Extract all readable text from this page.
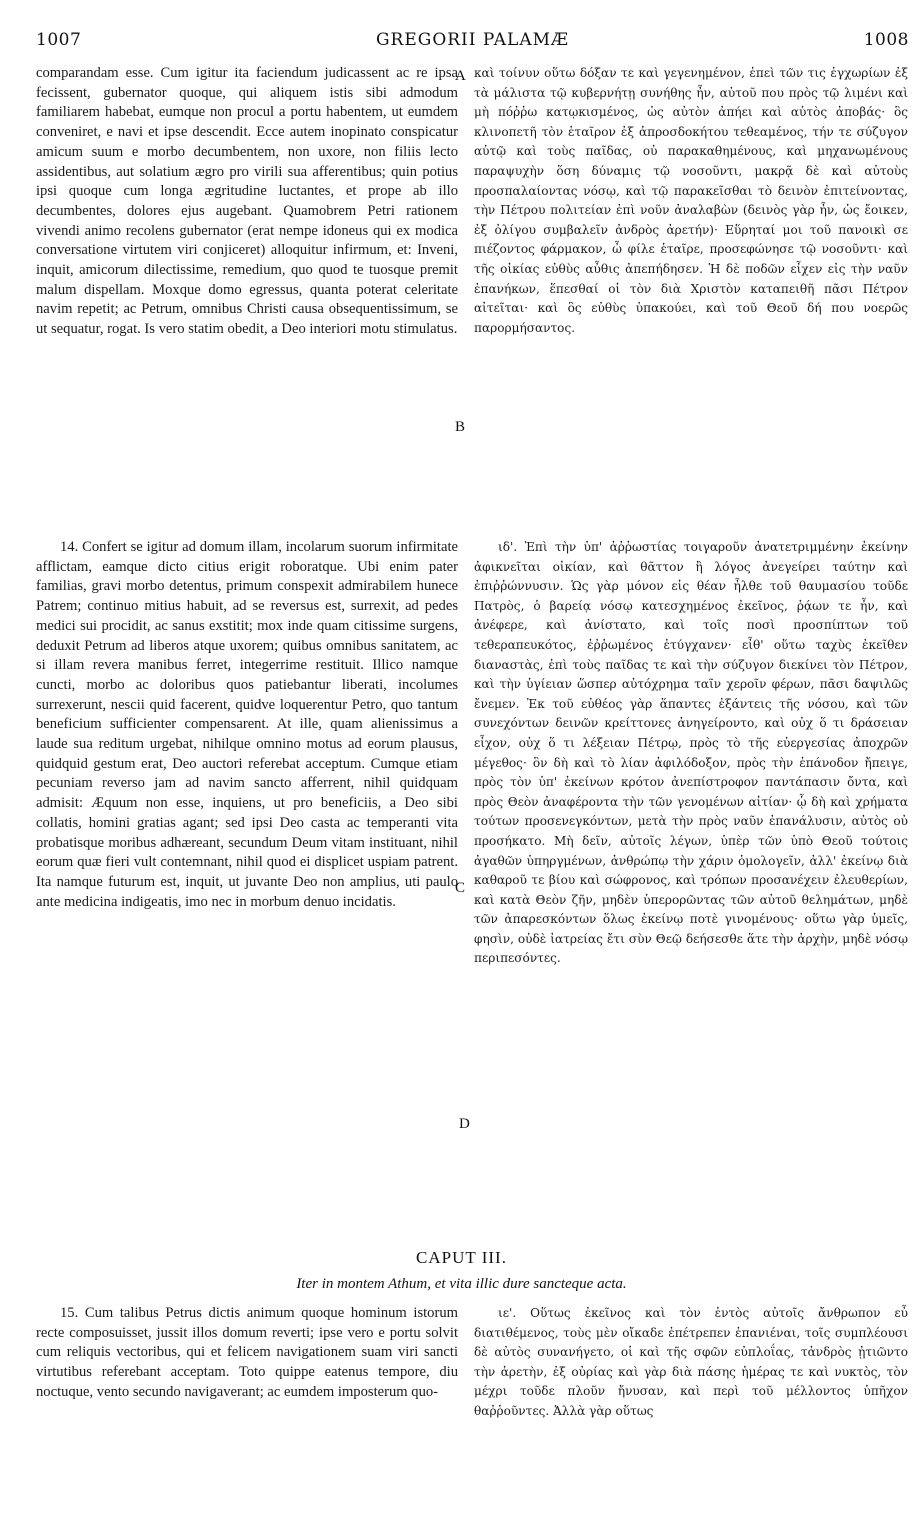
1007	GREGORII PALAMÆ	1008

comparandam esse. Cum igitur ita faciendum judicassent ac re ipsa fecissent, gubernator quoque, qui aliquem istis sibi admodum familiarem habebat, eumque non procul a portu habentem, ut eumdem conveniret, e navi et ipse descendit. Ecce autem inopinato conspicatur amicum suum e morbo decumbentem, non uxore, non filiis lecto assidentibus, aut solatium ægro pro virili sua afferentibus; quin potius ipsi quoque cum longa ægritudine luctantes, et prope ab illo decumbentes, dolores ejus augebant. Quamobrem Petri rationem vivendi animo recolens gubernator (erat nempe idoneus qui ex modica conversatione virtutem viri conjiceret) alloquitur infirmum, et: Inveni, inquit, amicorum dilectissime, remedium, quo quod te tuosque premit malum dispellam. Moxque domo egressus, quanta poterat celeritate navim repetit; ac Petrum, omnibus Christi causa obsequentissimum, se ut sequatur, rogat. Is vero statim obedit, a Deo interiori motu stimulatus.

A καὶ τοίνυν οὕτω δόξαν τε καὶ γεγενημένον, ἐπεὶ τῶν τις ἐγχωρίων ἐξ τὰ μάλιστα τῷ κυβερνήτῃ συνήθης ἦν, αὐτοῦ που πρὸς τῷ λιμένι καὶ μὴ πόῤῥω κατῳκισμένος, ὡς αὐτὸν ἀπήει καὶ αὐτὸς ἀποβάς· ὃς κλινοπετῆ τὸν ἑταῖρον ἐξ ἀπροσδοκήτου τεθεαμένος, τήν τε σύζυγον αὐτῷ καὶ τοὺς παῖδας, οὐ παρακαθημένους, καὶ μηχανωμένους παραψυχὴν ὅση δύναμις τῷ νοσοῦντι, μακρᾷ δὲ καὶ αὐτοὺς προσπαλαίοντας νόσῳ, καὶ τῷ παρακεῖσθαι τὸ δεινὸν ἐπιτείνοντας, τὴν Πέτρου πολιτείαν ἐπὶ νοῦν ἀναλαβὼν (δεινὸς γὰρ ἦν, ὡς ἔοικεν, ἐξ ὀλίγου συμβαλεῖν ἀνδρὸς ἀρετήν)· Εὕρηταί μοι τοῦ πανοικὶ σε πιέζοντος φάρμακον, ὦ φίλε ἑταῖρε, προσεφώνησε τῷ νοσοῦντι· καὶ τῆς οἰκίας εὐθὺς αὖθις ἀπεπήδησεν. Ἡ δὲ ποδῶν εἶχεν εἰς τὴν ναῦν ἐπανήκων, ἕπεσθαί οἱ τὸν διὰ Χριστὸν καταπειθῆ πᾶσι Πέτρον αἰτεῖται· καὶ ὃς εὐθὺς ὑπακούει, καὶ τοῦ Θεοῦ δή που νοερῶς παρορμήσαντος.

B

14. Confert se igitur ad domum illam, incolarum suorum infirmitate afflictam, eamque dicto citius erigit roboratque. Ubi enim pater familias, gravi morbo detentus, primum conspexit admirabilem hunece Patrem; continuo mitius habuit, ad se reversus est, surrexit, ad pedes medici sui procidit, ac sanus exstitit; mox inde quam citissime surgens, deduxit Petrum ad liberos atque uxorem; quibus omnibus sanitatem, ac si illam revera manibus ferret, integerrime restituit. Illico namque cuncti, morbo ac doloribus quos patiebantur liberati, incolumes surrexerunt, nescii quid facerent, quidve loquerentur Petro, quo tantum beneficium sufficienter compensarent. At ille, quam alienissimus a laude sua reditum urgebat, nihilque omnino motus ad eorum plausus, quidquid gestum erat, Deo auctori referebat acceptum. Cumque etiam pecuniam reverso jam ad navim sancto afferrent, nihil quidquam admisit: Æquum non esse, inquiens, ut pro beneficiis, a Deo sibi collatis, homini gratias agant; sed ipsi Deo casta ac temperanti vita probatisque moribus adhæreant, secundum Deum vitam instituant, nihil eorum quæ fieri vult contemnant, nihil quod ei displicet uspiam patrent. Ita namque futurum est, inquit, ut juvante Deo non amplius, uti paulo ante medicina indigeatis, imo nec in morbum denuo incidatis.

C

ιδ'. Ἐπὶ τὴν ὑπ' ἀῤῥωστίας τοιγαροῦν ἀνατετριμμένην ἐκείνην ἀφικνεῖται οἰκίαν, καὶ θᾶττον ἢ λόγος ἀνεγείρει ταύτην καὶ ἐπιῤῥώννυσιν. Ὡς γὰρ μόνον εἰς θέαν ἦλθε τοῦ θαυμασίου τοῦδε Πατρὸς, ὁ βαρείᾳ νόσῳ κατεσχημένος ἐκεῖνος, ῥᾴων τε ἦν, καὶ ἀνέφερε, καὶ ἀνίστατο, καὶ τοῖς ποσὶ προσπίπτων τοῦ τεθεραπευκότος, ἐῤῥωμένος ἐτύγχανεν· εἶθ' οὕτω ταχὺς ἐκεῖθεν διαναστὰς, ἐπὶ τοὺς παῖδας τε καὶ τὴν σύζυγον διεκίνει τὸν Πέτρον, καὶ τὴν ὑγίειαν ὥσπερ αὐτόχρημα ταῖν χεροῖν φέρων, πᾶσι δαψιλῶς ἔνεμεν. Ἐκ τοῦ εὐθέος γὰρ ἅπαντες ἐξάντεις τῆς νόσου, καὶ τῶν συνεχόντων δεινῶν κρείττονες ἀνηγείροντο, καὶ οὐχ ὅ τι δράσειαν εἶχον, οὐχ ὅ τι λέξειαν Πέτρῳ, πρὸς τὸ τῆς εὐεργεσίας ἀποχρῶν μέγεθος· ὃν δὴ καὶ τὸ λίαν ἀφιλόδοξον, πρὸς τὴν ἐπάνοδον ἤπειγε, πρὸς τὸν ὑπ' ἐκείνων κρότον ἀνεπίστροφον παντάπασιν ὄντα, καὶ πρὸς Θεὸν ἀναφέροντα τὴν τῶν γενομένων αἰτίαν· ᾧ δὴ καὶ χρήματα τούτων προσενεγκόντων, μετὰ τὴν πρὸς ναῦν ἐπανάλυσιν, αὐτὸς οὐ προσήκατο. Μὴ δεῖν, αὐτοῖς λέγων, ὑπὲρ τῶν ὑπὸ Θεοῦ τούτοις ἀγαθῶν ὑπηργμένων, ἀνθρώπῳ τὴν χάριν ὁμολογεῖν, ἀλλ' ἐκείνῳ διὰ καθαροῦ τε βίου καὶ σώφρονος, καὶ τρόπων προσανέχειν ἐλευθερίων, καὶ κατὰ Θεὸν ζῆν, μηδὲν ὑπερορῶντας τῶν αὐτοῦ θελημάτων, μηδὲ τῶν ἀπαρεσκόντων ὅλως ἐκείνῳ ποτὲ γινομένους· οὕτω γὰρ ὑμεῖς, φησὶν, οὐδὲ ἰατρείας ἔτι σὺν Θεῷ δεήσεσθε ἅτε τὴν ἀρχὴν, μηδὲ νόσῳ περιπεσόντες.

D
CAPUT III.
Iter in montem Athum, et vita illic dure sancteque acta.

15. Cum talibus Petrus dictis animum quoque hominum istorum recte composuisset, jussit illos domum reverti; ipse vero e portu solvit cum reliquis vectoribus, qui et felicem navigationem suam viri sancti virtutibus referebant acceptam. Toto quippe eatenus tempore, diu noctuque, vento secundo navigaverant; ac eumdem imposterum quo-

ιε'. Οὕτως ἐκεῖνος καὶ τὸν ἐντὸς αὐτοῖς ἄνθρωπον εὖ διατιθέμενος, τοὺς μὲν οἴκαδε ἐπέτρεπεν ἐπανιέναι, τοῖς συμπλέουσι δὲ αὐτὸς συνανήγετο, οἱ καὶ τῆς σφῶν εὐπλοΐας, τἀνδρὸς ᾐτιῶντο τὴν ἀρετὴν, ἐξ οὐρίας καὶ γὰρ διὰ πάσης ἡμέρας τε καὶ νυκτὸς, τὸν μέχρι τοῦδε πλοῦν ἤνυσαν, καὶ περὶ τοῦ μέλλοντος ὑπῆχον θαῤῥοῦντες. Ἀλλὰ γὰρ οὕτως
